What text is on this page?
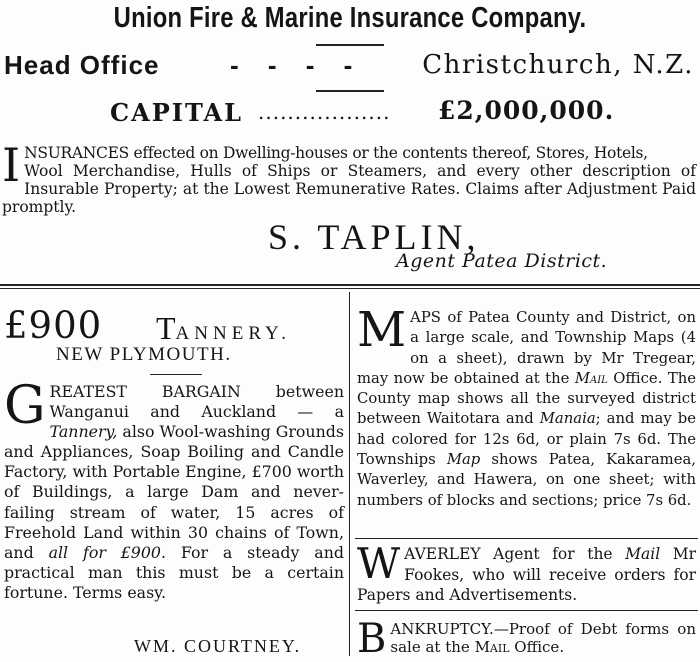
Union Fire & Marine Insurance Company.
Head Office	- - - -	Christchurch, N.Z.
CAPITAL .................. £2,000,000.
I NSURANCES effected on Dwelling-houses or the contents thereof, Stores, Hotels,
Wool Merchandise, Hulls of Ships or Steamers, and every other description of Insurable Property; at the Lowest Remunerative Rates. Claims after Adjustment Paid promptly.
S. TAPLIN,
Agent Patea District.
£900 TANNERY.
NEW PLYMOUTH.
GREATEST BARGAIN between Wanganui and Auckland — a Tannery, also Wool-washing Grounds and Appliances, Soap Boiling and Candle Factory, with Portable Engine, £700 worth of Buildings, a large Dam and never-failing stream of water, 15 acres of Freehold Land within 30 chains of Town, and all for £900. For a steady and practical man this must be a certain fortune. Terms easy.
WM. COURTNEY.
MAPS of Patea County and District, on a large scale, and Township Maps (4 on a sheet), drawn by Mr Tregear, may now be obtained at the Mail Office. The County map shows all the surveyed district between Waitotara and Manaia; and may be had colored for 12s 6d, or plain 7s 6d. The Townships Map shows Patea, Kakaramea, Waverley, and Hawera, on one sheet; with numbers of blocks and sections; price 7s 6d.
WAVERLEY Agent for the Mail Mr Fookes, who will receive orders for Papers and Advertisements.
BANKRUPTCY.—Proof of Debt forms on sale at the Mail Office.
